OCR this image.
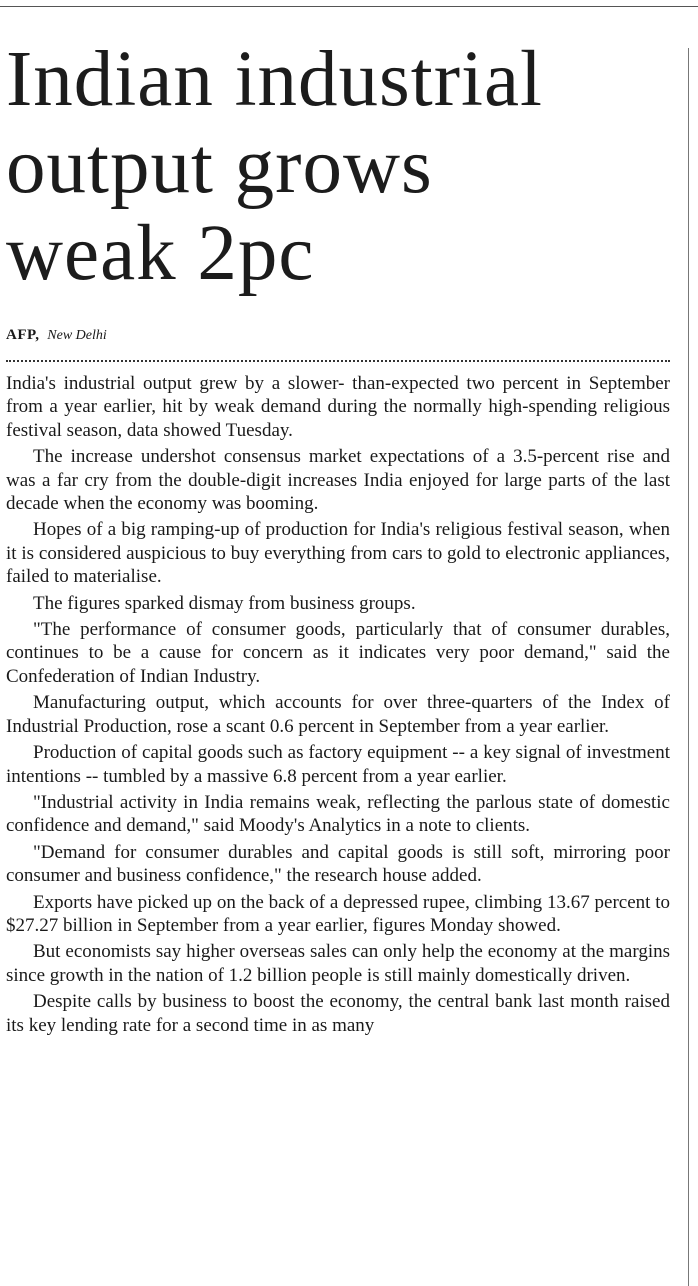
Indian industrial
output grows
weak 2pc
AFP, New Delhi

India's industrial output grew by a slower- than-expected two percent in September from a year earlier, hit by weak demand during the normally high-spending religious festival season, data showed Tuesday.

The increase undershot consensus market expectations of a 3.5-percent rise and was a far cry from the double-digit increases India enjoyed for large parts of the last decade when the economy was booming.

Hopes of a big ramping-up of production for India's religious festival season, when it is considered auspicious to buy everything from cars to gold to electronic appliances, failed to materialise.

The figures sparked dismay from business groups.

"The performance of consumer goods, particularly that of consumer durables, continues to be a cause for concern as it indicates very poor demand," said the Confederation of Indian Industry.

Manufacturing output, which accounts for over three-quarters of the Index of Industrial Production, rose a scant 0.6 percent in September from a year earlier.

Production of capital goods such as factory equipment -- a key signal of investment intentions -- tumbled by a massive 6.8 percent from a year earlier.

"Industrial activity in India remains weak, reflecting the parlous state of domestic confidence and demand," said Moody's Analytics in a note to clients.

"Demand for consumer durables and capital goods is still soft, mirroring poor consumer and business confidence," the research house added.

Exports have picked up on the back of a depressed rupee, climbing 13.67 percent to $27.27 billion in September from a year earlier, figures Monday showed.

But economists say higher overseas sales can only help the economy at the margins since growth in the nation of 1.2 billion people is still mainly domestically driven.

Despite calls by business to boost the economy, the central bank last month raised its key lending rate for a second time in as many
